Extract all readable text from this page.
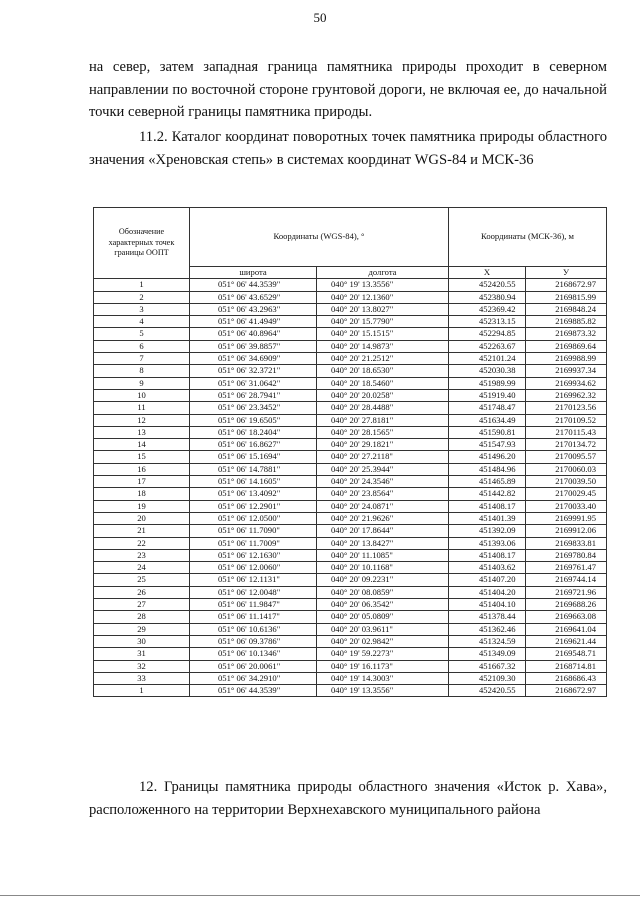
50

на север, затем западная граница памятника природы проходит в северном направлении по восточной стороне грунтовой дороги, не включая ее, до начальной точки северной границы памятника природы.

11.2. Каталог координат поворотных точек памятника природы областного значения «Хреновская степь» в системах координат WGS-84 и МСК-36

Обозначение характерных точек границы ООПТ	Координаты (WGS-84), °		Координаты (МСК-36), м	
	широта	долгота	X	У
1	051° 06' 44.3539"	040° 19' 13.3556"	452420.55	2168672.97
2	051° 06' 43.6529"	040° 20' 12.1360"	452380.94	2169815.99
3	051° 06' 43.2963"	040° 20' 13.8027"	452369.42	2169848.24
4	051° 06' 41.4949"	040° 20' 15.7790"	452313.15	2169885.82
5	051° 06' 40.8964"	040° 20' 15.1515"	452294.85	2169873.32
6	051° 06' 39.8857"	040° 20' 14.9873"	452263.67	2169869.64
7	051° 06' 34.6909"	040° 20' 21.2512"	452101.24	2169988.99
8	051° 06' 32.3721"	040° 20' 18.6530"	452030.38	2169937.34
9	051° 06' 31.0642"	040° 20' 18.5460"	451989.99	2169934.62
10	051° 06' 28.7941"	040° 20' 20.0258"	451919.40	2169962.32
11	051° 06' 23.3452"	040° 20' 28.4488"	451748.47	2170123.56
12	051° 06' 19.6505"	040° 20' 27.8181"	451634.49	2170109.52
13	051° 06' 18.2404"	040° 20' 28.1565"	451590.81	2170115.43
14	051° 06' 16.8627"	040° 20' 29.1821"	451547.93	2170134.72
15	051° 06' 15.1694"	040° 20' 27.2118"	451496.20	2170095.57
16	051° 06' 14.7881"	040° 20' 25.3944"	451484.96	2170060.03
17	051° 06' 14.1605"	040° 20' 24.3546"	451465.89	2170039.50
18	051° 06' 13.4092"	040° 20' 23.8564"	451442.82	2170029.45
19	051° 06' 12.2901"	040° 20' 24.0871"	451408.17	2170033.40
20	051° 06' 12.0500"	040° 20' 21.9626"	451401.39	2169991.95
21	051° 06' 11.7090"	040° 20' 17.8644"	451392.09	2169912.06
22	051° 06' 11.7009"	040° 20' 13.8427"	451393.06	2169833.81
23	051° 06' 12.1630"	040° 20' 11.1085"	451408.17	2169780.84
24	051° 06' 12.0060"	040° 20' 10.1168"	451403.62	2169761.47
25	051° 06' 12.1131"	040° 20' 09.2231"	451407.20	2169744.14
26	051° 06' 12.0048"	040° 20' 08.0859"	451404.20	2169721.96
27	051° 06' 11.9847"	040° 20' 06.3542"	451404.10	2169688.26
28	051° 06' 11.1417"	040° 20' 05.0809"	451378.44	2169663.08
29	051° 06' 10.6136"	040° 20' 03.9611"	451362.46	2169641.04
30	051° 06' 09.3786"	040° 20' 02.9842"	451324.59	2169621.44
31	051° 06' 10.1346"	040° 19' 59.2273"	451349.09	2169548.71
32	051° 06' 20.0061"	040° 19' 16.1173"	451667.32	2168714.81
33	051° 06' 34.2910"	040° 19' 14.3003"	452109.30	2168686.43
1	051° 06' 44.3539"	040° 19' 13.3556"	452420.55	2168672.97

12. Границы памятника природы областного значения «Исток р. Хава», расположенного на территории Верхнехавского муниципального района
